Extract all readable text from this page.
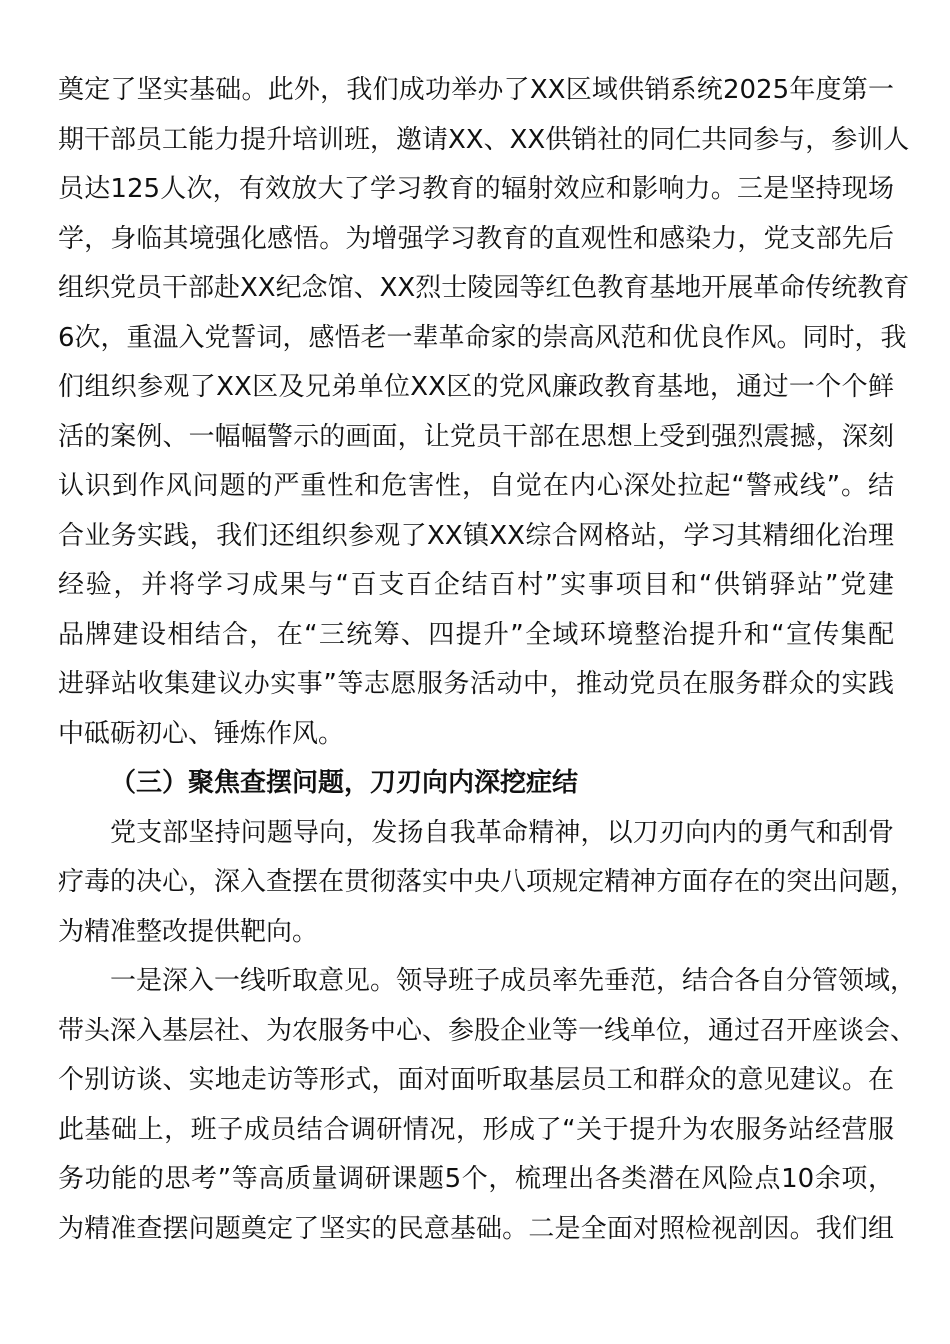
奠定了坚实基础。此外，我们成功举办了XX区域供销系统2025年度第一
期干部员工能力提升培训班，邀请XX、XX供销社的同仁共同参与，参训人
员达125人次，有效放大了学习教育的辐射效应和影响力。三是坚持现场
学，身临其境强化感悟。为增强学习教育的直观性和感染力，党支部先后
组织党员干部赴XX纪念馆、XX烈士陵园等红色教育基地开展革命传统教育
6次，重温入党誓词，感悟老一辈革命家的崇高风范和优良作风。同时，我
们组织参观了XX区及兄弟单位XX区的党风廉政教育基地，通过一个个鲜
活的案例、一幅幅警示的画面，让党员干部在思想上受到强烈震撼，深刻
认识到作风问题的严重性和危害性，自觉在内心深处拉起“警戒线”。结
合业务实践，我们还组织参观了XX镇XX综合网格站，学习其精细化治理
经验，并将学习成果与“百支百企结百村”实事项目和“供销驿站”党建
品牌建设相结合，在“三统筹、四提升”全域环境整治提升和“宣传集配
进驿站收集建议办实事”等志愿服务活动中，推动党员在服务群众的实践
中砥砺初心、锤炼作风。
（三）聚焦查摆问题，刀刃向内深挖症结
党支部坚持问题导向，发扬自我革命精神，以刀刃向内的勇气和刮骨
疗毒的决心，深入查摆在贯彻落实中央八项规定精神方面存在的突出问题，
为精准整改提供靶向。
一是深入一线听取意见。领导班子成员率先垂范，结合各自分管领域，
带头深入基层社、为农服务中心、参股企业等一线单位，通过召开座谈会、
个别访谈、实地走访等形式，面对面听取基层员工和群众的意见建议。在
此基础上，班子成员结合调研情况，形成了“关于提升为农服务站经营服
务功能的思考”等高质量调研课题5个，梳理出各类潜在风险点10余项，
为精准查摆问题奠定了坚实的民意基础。二是全面对照检视剖因。我们组
